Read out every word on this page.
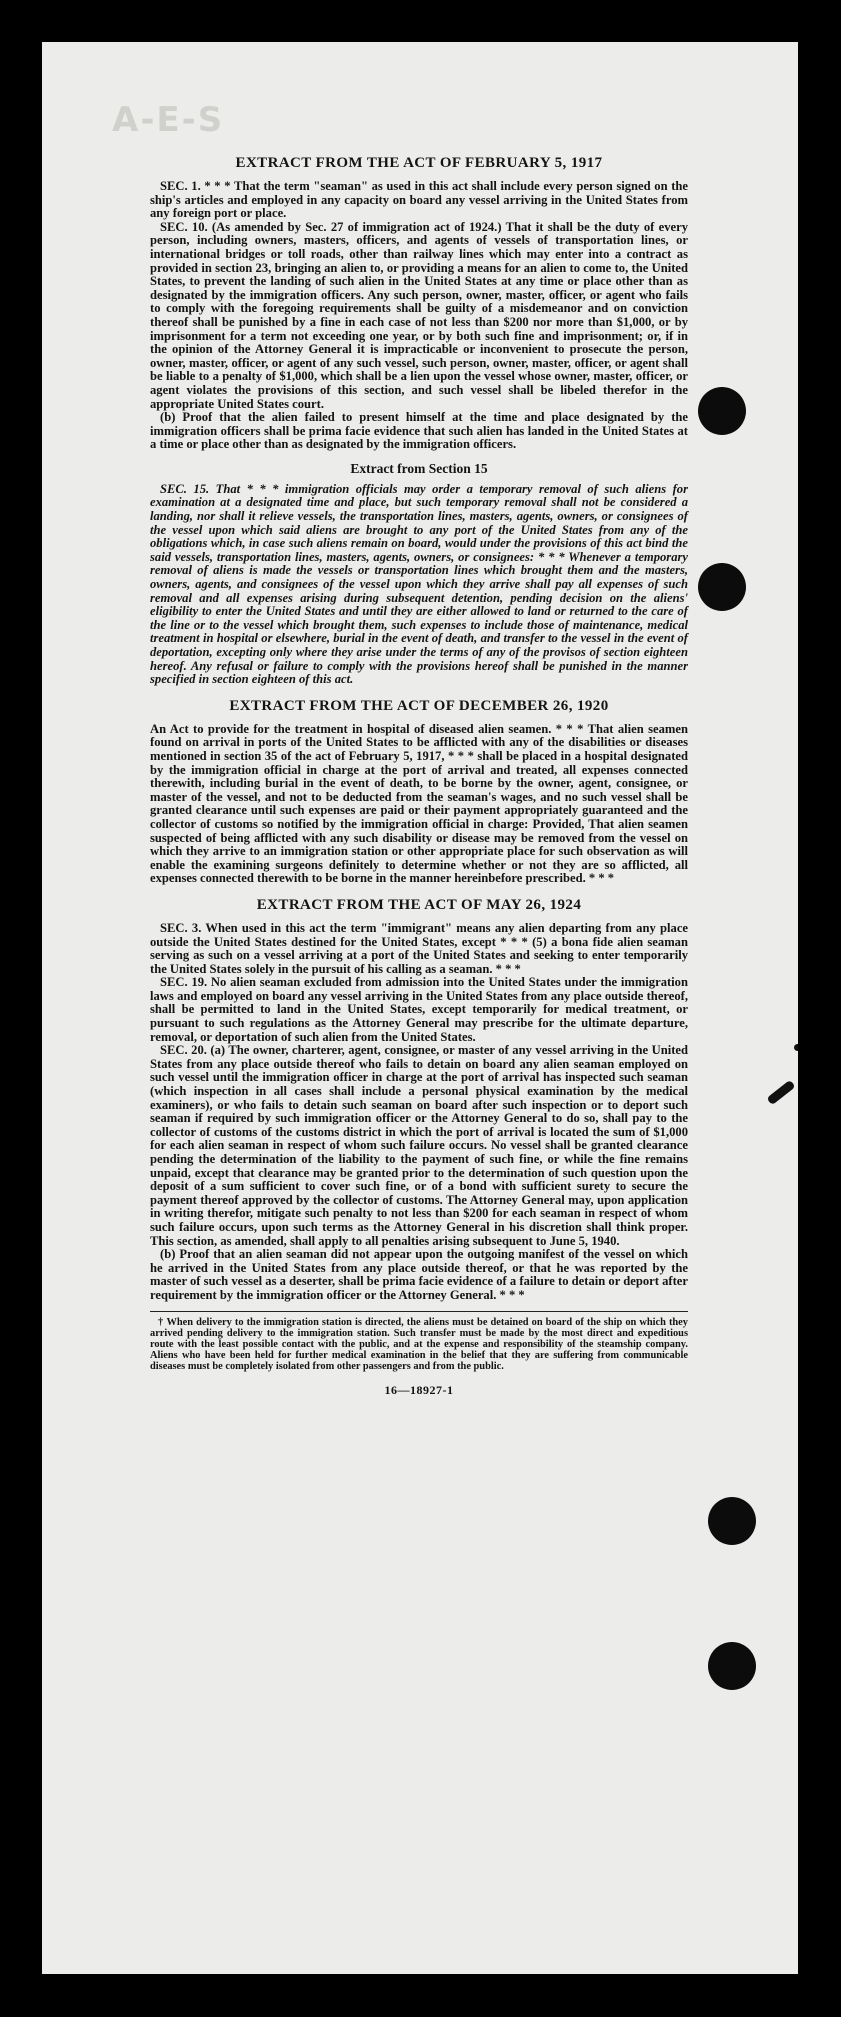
A-E-S
EXTRACT FROM THE ACT OF FEBRUARY 5, 1917

SEC. 1. * * * That the term "seaman" as used in this act shall include every person signed on the ship's articles and employed in any capacity on board any vessel arriving in the United States from any foreign port or place.

SEC. 10. (As amended by Sec. 27 of immigration act of 1924.) That it shall be the duty of every person, including owners, masters, officers, and agents of vessels of transportation lines, or international bridges or toll roads, other than railway lines which may enter into a contract as provided in section 23, bringing an alien to, or providing a means for an alien to come to, the United States, to prevent the landing of such alien in the United States at any time or place other than as designated by the immigration officers. Any such person, owner, master, officer, or agent who fails to comply with the foregoing requirements shall be guilty of a misdemeanor and on conviction thereof shall be punished by a fine in each case of not less than $200 nor more than $1,000, or by imprisonment for a term not exceeding one year, or by both such fine and imprisonment; or, if in the opinion of the Attorney General it is impracticable or inconvenient to prosecute the person, owner, master, officer, or agent of any such vessel, such person, owner, master, officer, or agent shall be liable to a penalty of $1,000, which shall be a lien upon the vessel whose owner, master, officer, or agent violates the provisions of this section, and such vessel shall be libeled therefor in the appropriate United States court.

(b) Proof that the alien failed to present himself at the time and place designated by the immigration officers shall be prima facie evidence that such alien has landed in the United States at a time or place other than as designated by the immigration officers.

Extract from Section 15

SEC. 15. That * * * immigration officials may order a temporary removal of such aliens for examination at a designated time and place, but such temporary removal shall not be considered a landing, nor shall it relieve vessels, the transportation lines, masters, agents, owners, or consignees of the vessel upon which said aliens are brought to any port of the United States from any of the obligations which, in case such aliens remain on board, would under the provisions of this act bind the said vessels, transportation lines, masters, agents, owners, or consignees: * * * Whenever a temporary removal of aliens is made the vessels or transportation lines which brought them and the masters, owners, agents, and consignees of the vessel upon which they arrive shall pay all expenses of such removal and all expenses arising during subsequent detention, pending decision on the aliens' eligibility to enter the United States and until they are either allowed to land or returned to the care of the line or to the vessel which brought them, such expenses to include those of maintenance, medical treatment in hospital or elsewhere, burial in the event of death, and transfer to the vessel in the event of deportation, excepting only where they arise under the terms of any of the provisos of section eighteen hereof. Any refusal or failure to comply with the provisions hereof shall be punished in the manner specified in section eighteen of this act.

EXTRACT FROM THE ACT OF DECEMBER 26, 1920

An Act to provide for the treatment in hospital of diseased alien seamen. * * * That alien seamen found on arrival in ports of the United States to be afflicted with any of the disabilities or diseases mentioned in section 35 of the act of February 5, 1917, * * * shall be placed in a hospital designated by the immigration official in charge at the port of arrival and treated, all expenses connected therewith, including burial in the event of death, to be borne by the owner, agent, consignee, or master of the vessel, and not to be deducted from the seaman's wages, and no such vessel shall be granted clearance until such expenses are paid or their payment appropriately guaranteed and the collector of customs so notified by the immigration official in charge: Provided, That alien seamen suspected of being afflicted with any such disability or disease may be removed from the vessel on which they arrive to an immigration station or other appropriate place for such observation as will enable the examining surgeons definitely to determine whether or not they are so afflicted, all expenses connected therewith to be borne in the manner hereinbefore prescribed. * * *

EXTRACT FROM THE ACT OF MAY 26, 1924

SEC. 3. When used in this act the term "immigrant" means any alien departing from any place outside the United States destined for the United States, except * * * (5) a bona fide alien seaman serving as such on a vessel arriving at a port of the United States and seeking to enter temporarily the United States solely in the pursuit of his calling as a seaman. * * *

SEC. 19. No alien seaman excluded from admission into the United States under the immigration laws and employed on board any vessel arriving in the United States from any place outside thereof, shall be permitted to land in the United States, except temporarily for medical treatment, or pursuant to such regulations as the Attorney General may prescribe for the ultimate departure, removal, or deportation of such alien from the United States.

SEC. 20. (a) The owner, charterer, agent, consignee, or master of any vessel arriving in the United States from any place outside thereof who fails to detain on board any alien seaman employed on such vessel until the immigration officer in charge at the port of arrival has inspected such seaman (which inspection in all cases shall include a personal physical examination by the medical examiners), or who fails to detain such seaman on board after such inspection or to deport such seaman if required by such immigration officer or the Attorney General to do so, shall pay to the collector of customs of the customs district in which the port of arrival is located the sum of $1,000 for each alien seaman in respect of whom such failure occurs. No vessel shall be granted clearance pending the determination of the liability to the payment of such fine, or while the fine remains unpaid, except that clearance may be granted prior to the determination of such question upon the deposit of a sum sufficient to cover such fine, or of a bond with sufficient surety to secure the payment thereof approved by the collector of customs. The Attorney General may, upon application in writing therefor, mitigate such penalty to not less than $200 for each seaman in respect of whom such failure occurs, upon such terms as the Attorney General in his discretion shall think proper. This section, as amended, shall apply to all penalties arising subsequent to June 5, 1940.

(b) Proof that an alien seaman did not appear upon the outgoing manifest of the vessel on which he arrived in the United States from any place outside thereof, or that he was reported by the master of such vessel as a deserter, shall be prima facie evidence of a failure to detain or deport after requirement by the immigration officer or the Attorney General. * * *

† When delivery to the immigration station is directed, the aliens must be detained on board of the ship on which they arrived pending delivery to the immigration station. Such transfer must be made by the most direct and expeditious route with the least possible contact with the public, and at the expense and responsibility of the steamship company. Aliens who have been held for further medical examination in the belief that they are suffering from communicable diseases must be completely isolated from other passengers and from the public.
16—18927-1
